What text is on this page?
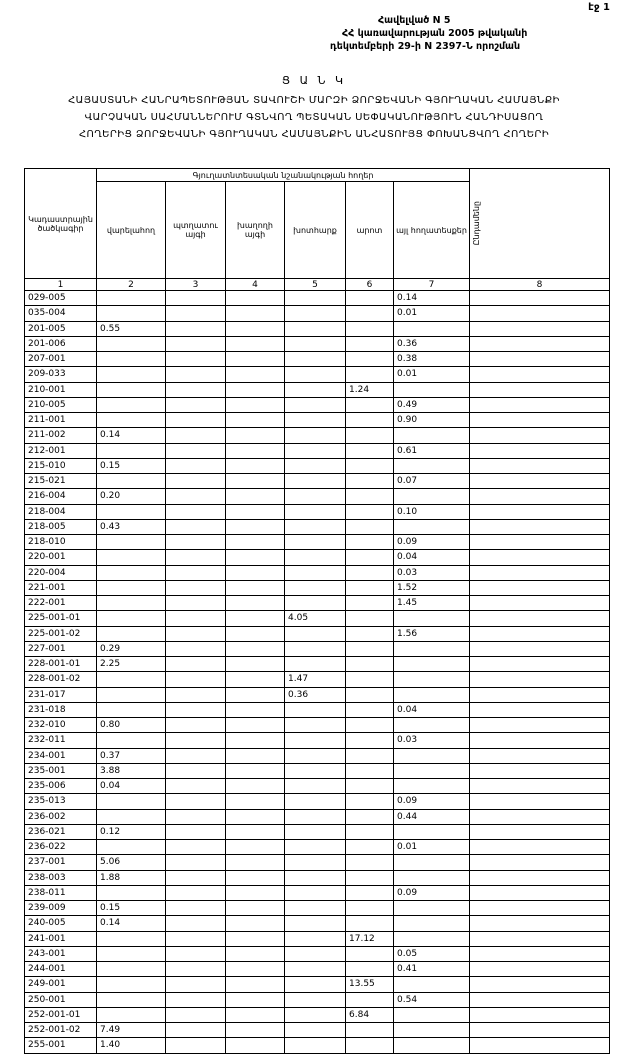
էջ 1
Հավելված N 5
ՀՀ կառավարության 2005 թվականի
դեկտեմբերի 29-ի N 2397-Ն որոշման
Ց Ա Ն Կ
ՀԱՅԱՍՏԱՆԻ ՀԱՆՐԱՊԵՏՈՒԹՅԱՆ ՏԱՎՈՒՇԻ ՄԱՐԶԻ ՁՈՐՋԵՎԱՆԻ ԳՅՈՒՂԱԿԱՆ ՀԱՄԱՅՆՔԻ
ՎԱՐՉԱԿԱՆ ՍԱՀՄԱՆՆԵՐՈՒՄ ԳՏՆՎՈՂ ՊԵՏԱԿԱՆ ՍԵՓԱԿԱՆՈՒԹՅՈՒՆ ՀԱՆԴԻՍԱՑՈՂ
ՀՈՂԵՐԻՑ ՁՈՐՋԵՎԱՆԻ ԳՅՈՒՂԱԿԱՆ ՀԱՄԱՅՆՔԻՆ ԱՆՀԱՏՈՒՅՑ ՓՈԽԱՆՑՎՈՂ ՀՈՂԵՐԻ
Կադաստրային ծածկագիր	Գյուղատնտեսական նշանակության հողեր						Ընդամենը

	վարելահող	պտղատու այգի	խաղողի այգի	խոտհարք	արոտ	այլ հողատեսքեր	
1	2	3	4	5	6	7	8
029-005						0.14	
035-004						0.01	
201-005	0.55						
201-006						0.36	
207-001						0.38	
209-033						0.01	
210-001					1.24		
210-005						0.49	
211-001						0.90	
211-002	0.14						
212-001						0.61	
215-010	0.15						
215-021						0.07	
216-004	0.20						
218-004						0.10	
218-005	0.43						
218-010						0.09	
220-001						0.04	
220-004						0.03	
221-001						1.52	
222-001						1.45	
225-001-01				4.05			
225-001-02						1.56	
227-001	0.29						
228-001-01	2.25						
228-001-02				1.47			
231-017				0.36			
231-018						0.04	
232-010	0.80						
232-011						0.03	
234-001	0.37						
235-001	3.88						
235-006	0.04						
235-013						0.09	
236-002						0.44	
236-021	0.12						
236-022						0.01	
237-001	5.06						
238-003	1.88						
238-011						0.09	
239-009	0.15						
240-005	0.14						
241-001					17.12		
243-001						0.05	
244-001						0.41	
249-001					13.55		
250-001						0.54	
252-001-01					6.84		
252-001-02	7.49						
255-001	1.40						
